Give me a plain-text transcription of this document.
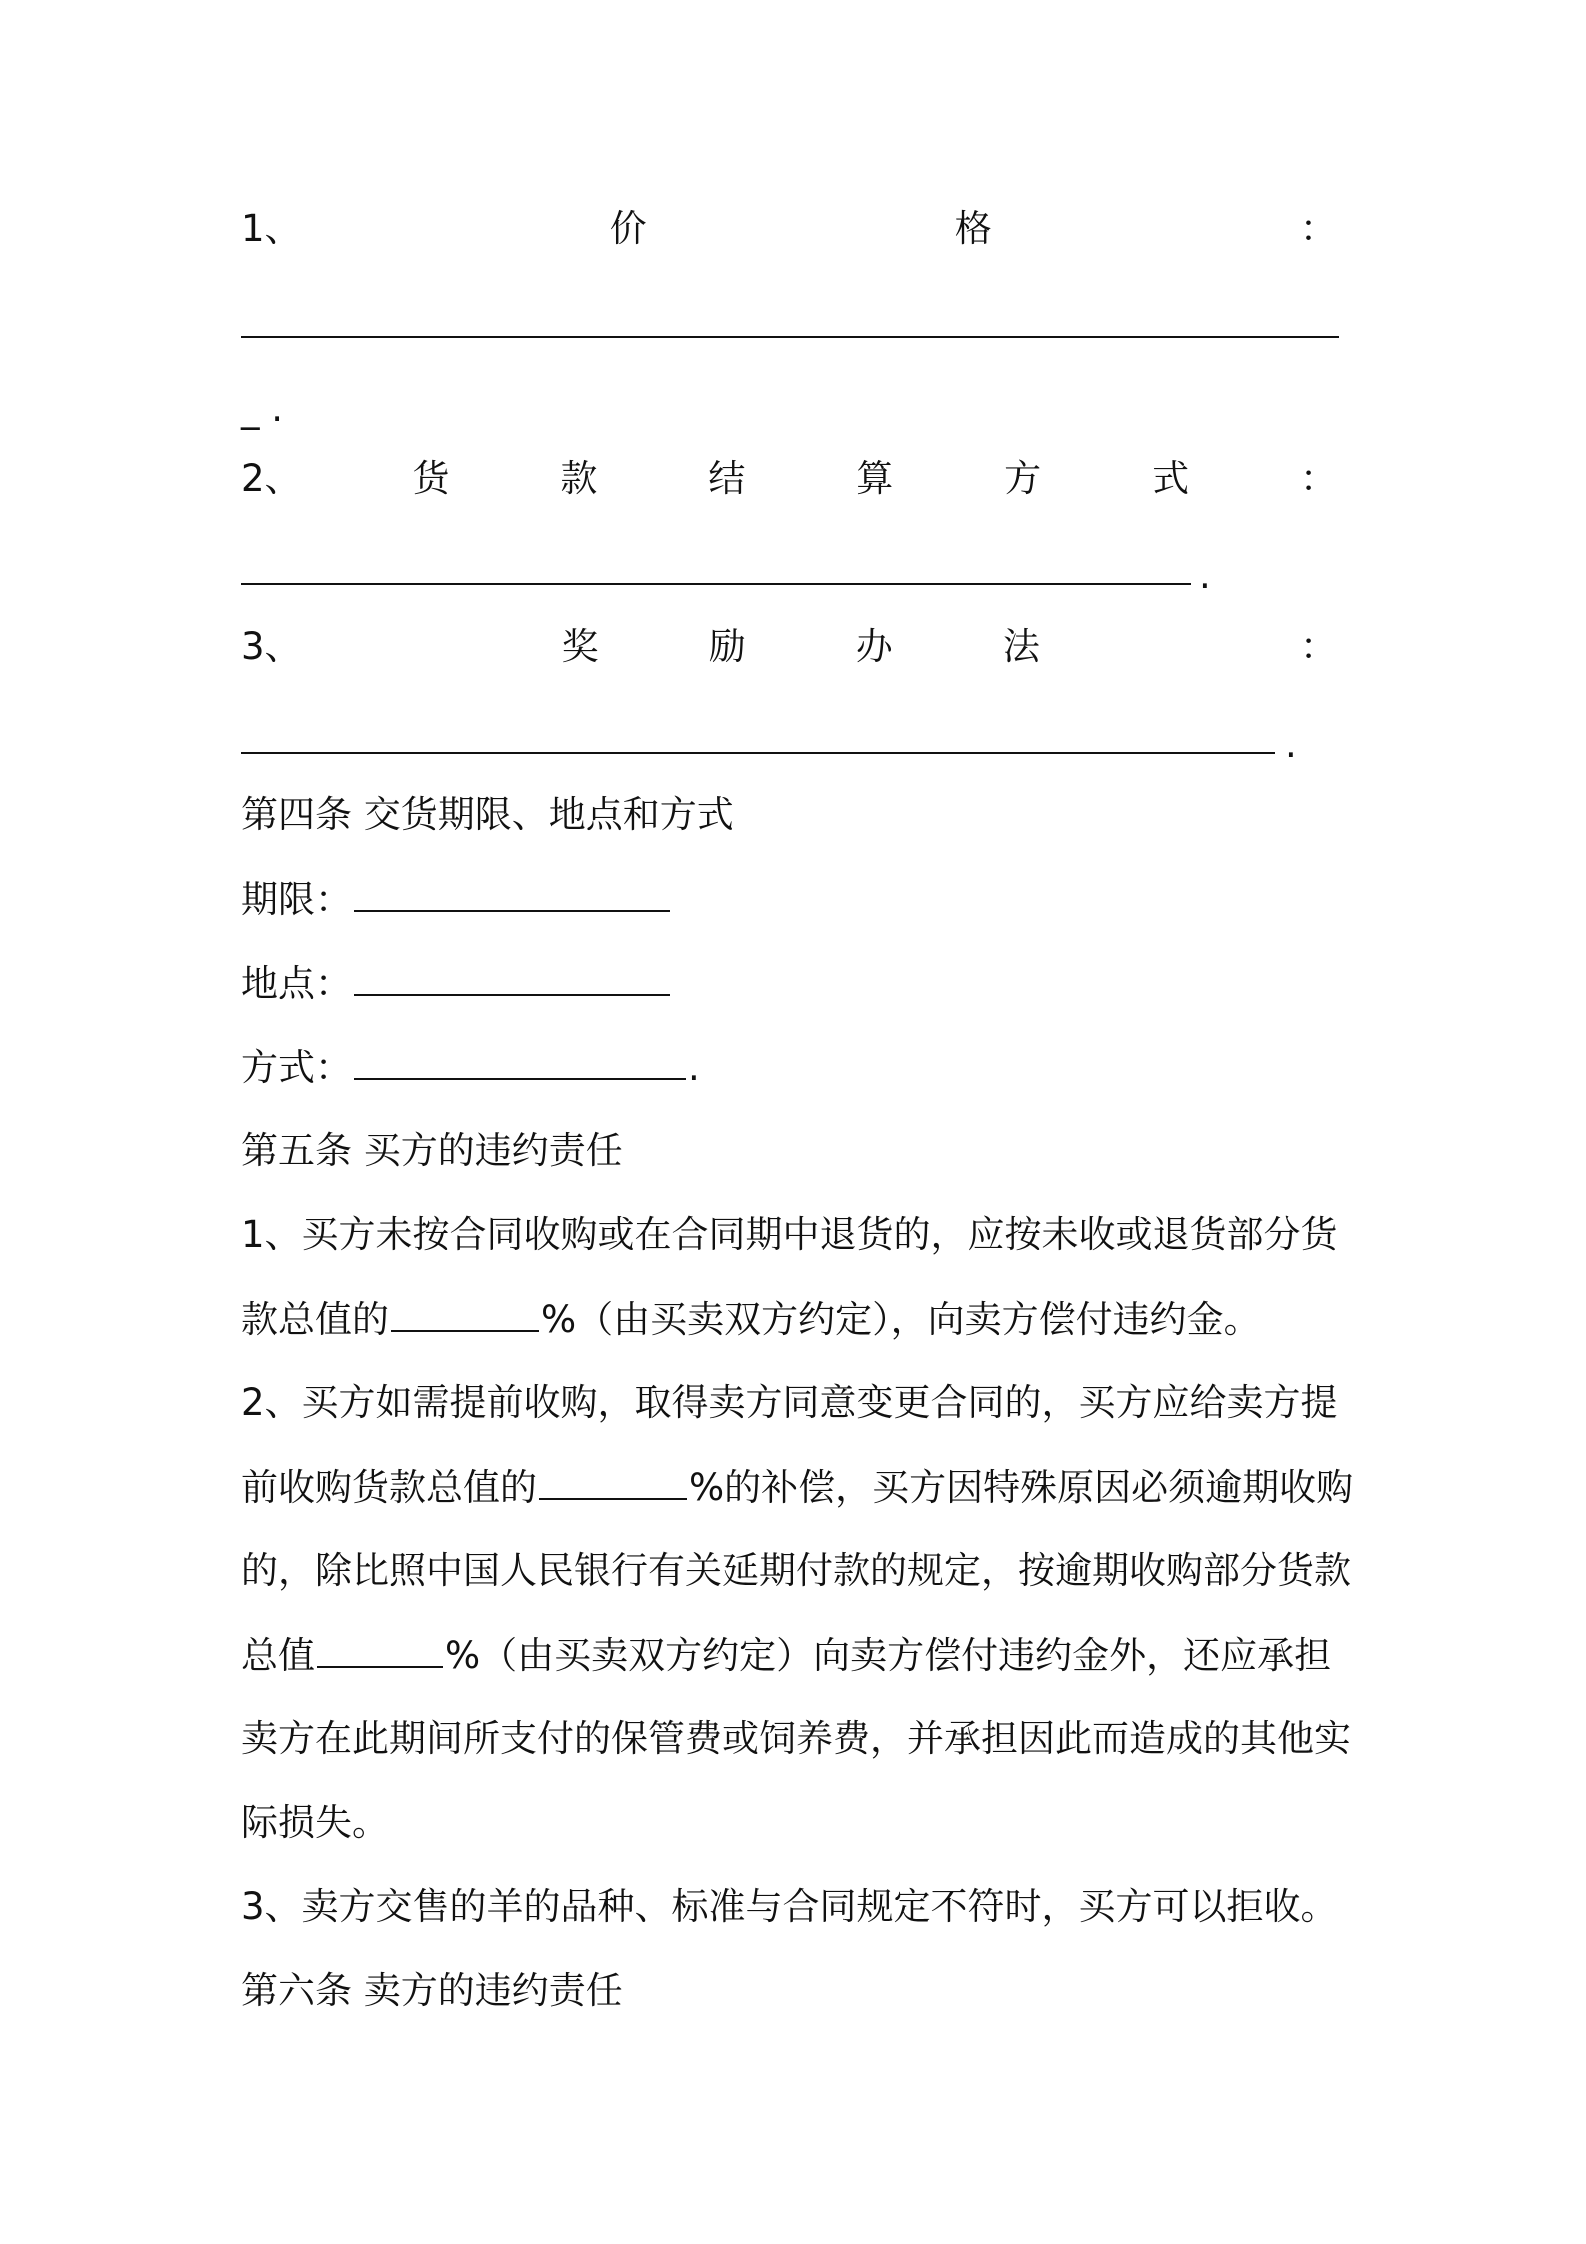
1、	价	格	：
_ .
2、	货	款	结	算	方	式	：
.
3、	奖	励	办	法	：
.
第四条 交货期限、地点和方式
期限：
地点：
方式：	.
第五条 买方的违约责任
1、买方未按合同收购或在合同期中退货的，应按未收或退货部分货
款总值的	%（由买卖双方约定），向卖方偿付违约金。
2、买方如需提前收购，取得卖方同意变更合同的，买方应给卖方提
前收购货款总值的	%的补偿，买方因特殊原因必须逾期收购
的，除比照中国人民银行有关延期付款的规定，按逾期收购部分货款
总值	%（由买卖双方约定）向卖方偿付违约金外，还应承担
卖方在此期间所支付的保管费或饲养费，并承担因此而造成的其他实
际损失。
3、卖方交售的羊的品种、标准与合同规定不符时，买方可以拒收。
第六条 卖方的违约责任
